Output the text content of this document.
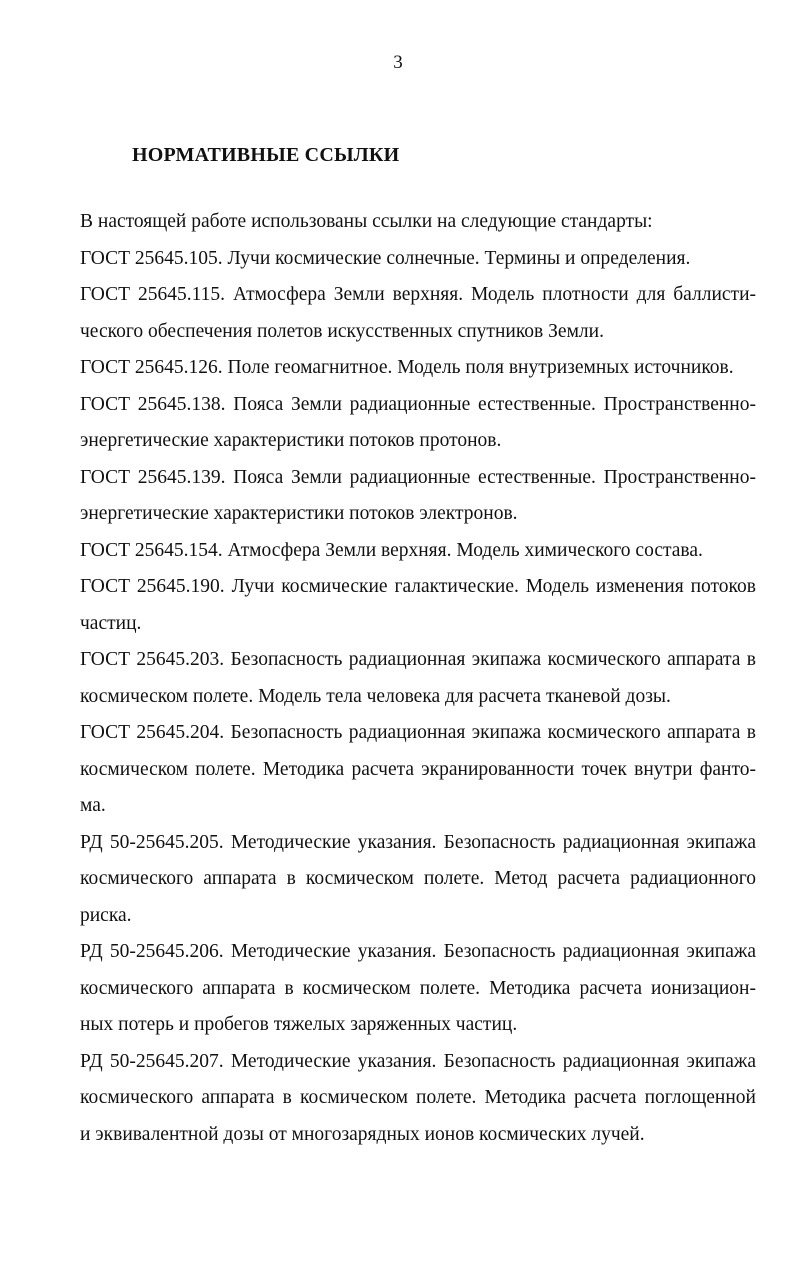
3
НОРМАТИВНЫЕ ССЫЛКИ
В настоящей работе использованы ссылки на следующие стандарты:
ГОСТ 25645.105. Лучи космические солнечные. Термины и определения.
ГОСТ 25645.115. Атмосфера Земли верхняя. Модель плотности для баллисти-
ческого обеспечения полетов искусственных спутников Земли.
ГОСТ 25645.126. Поле геомагнитное. Модель поля внутриземных источников.
ГОСТ 25645.138. Пояса Земли радиационные естественные. Пространственно-
энергетические характеристики потоков протонов.
ГОСТ 25645.139. Пояса Земли радиационные естественные. Пространственно-
энергетические характеристики потоков электронов.
ГОСТ 25645.154. Атмосфера Земли верхняя. Модель химического состава.
ГОСТ 25645.190. Лучи космические галактические. Модель изменения потоков
частиц.
ГОСТ 25645.203. Безопасность радиационная экипажа космического аппарата в
космическом полете. Модель тела человека для расчета тканевой дозы.
ГОСТ 25645.204. Безопасность радиационная экипажа космического аппарата в
космическом полете. Методика расчета экранированности точек внутри фанто-
ма.
РД 50-25645.205. Методические указания. Безопасность радиационная экипажа
космического аппарата в космическом полете. Метод расчета радиационного
риска.
РД 50-25645.206. Методические указания. Безопасность радиационная экипажа
космического аппарата в космическом полете. Методика расчета ионизацион-
ных потерь и пробегов тяжелых заряженных частиц.
РД 50-25645.207. Методические указания. Безопасность радиационная экипажа
космического аппарата в космическом полете. Методика расчета поглощенной
и эквивалентной дозы от многозарядных ионов космических лучей.
